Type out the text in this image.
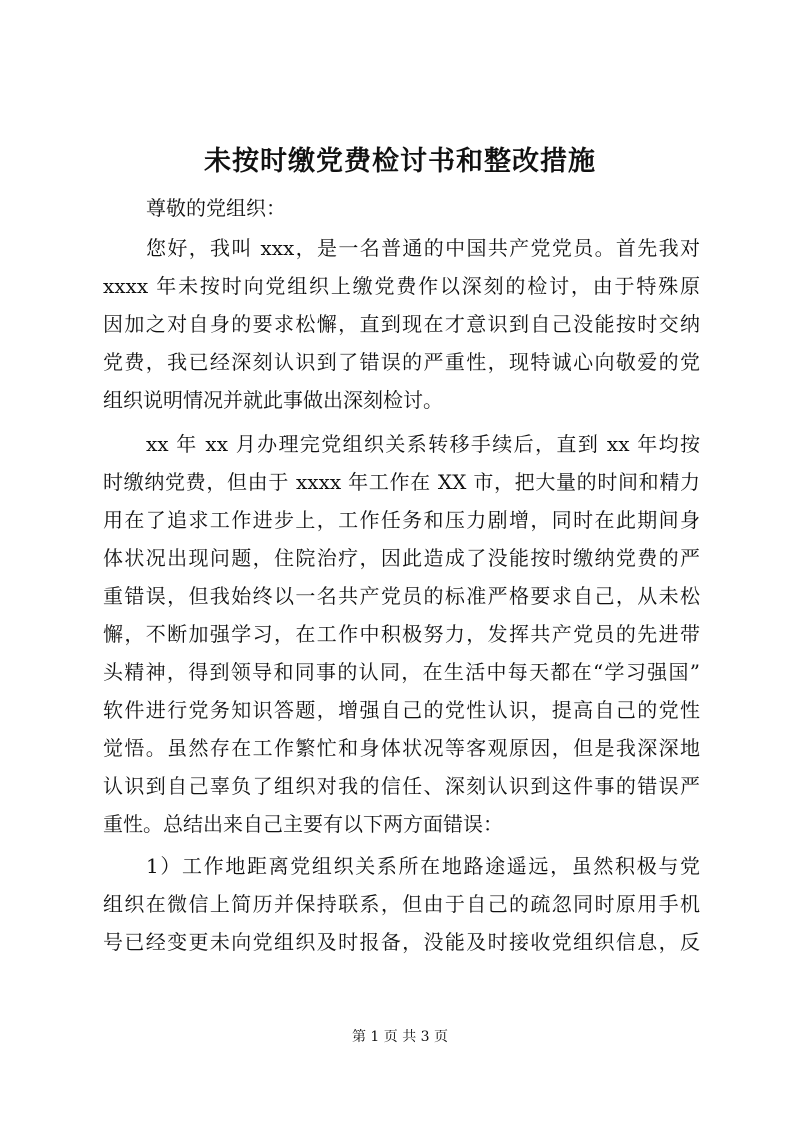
未按时缴党费检讨书和整改措施
尊敬的党组织：
您好，我叫 xxx，是一名普通的中国共产党党员。首先我对
xxxx 年未按时向党组织上缴党费作以深刻的检讨，由于特殊原
因加之对自身的要求松懈，直到现在才意识到自己没能按时交纳
党费，我已经深刻认识到了错误的严重性，现特诚心向敬爱的党
组织说明情况并就此事做出深刻检讨。
xx 年 xx 月办理完党组织关系转移手续后，直到 xx 年均按
时缴纳党费，但由于 xxxx 年工作在 XX 市，把大量的时间和精力
用在了追求工作进步上，工作任务和压力剧增，同时在此期间身
体状况出现问题，住院治疗，因此造成了没能按时缴纳党费的严
重错误，但我始终以一名共产党员的标准严格要求自己，从未松
懈，不断加强学习，在工作中积极努力，发挥共产党员的先进带
头精神，得到领导和同事的认同，在生活中每天都在“学习强国”
软件进行党务知识答题，增强自己的党性认识，提高自己的党性
觉悟。虽然存在工作繁忙和身体状况等客观原因，但是我深深地
认识到自己辜负了组织对我的信任、深刻认识到这件事的错误严
重性。总结出来自己主要有以下两方面错误：
1）工作地距离党组织关系所在地路途遥远，虽然积极与党
组织在微信上简历并保持联系，但由于自己的疏忽同时原用手机
号已经变更未向党组织及时报备，没能及时接收党组织信息，反
第 1 页 共 3 页
